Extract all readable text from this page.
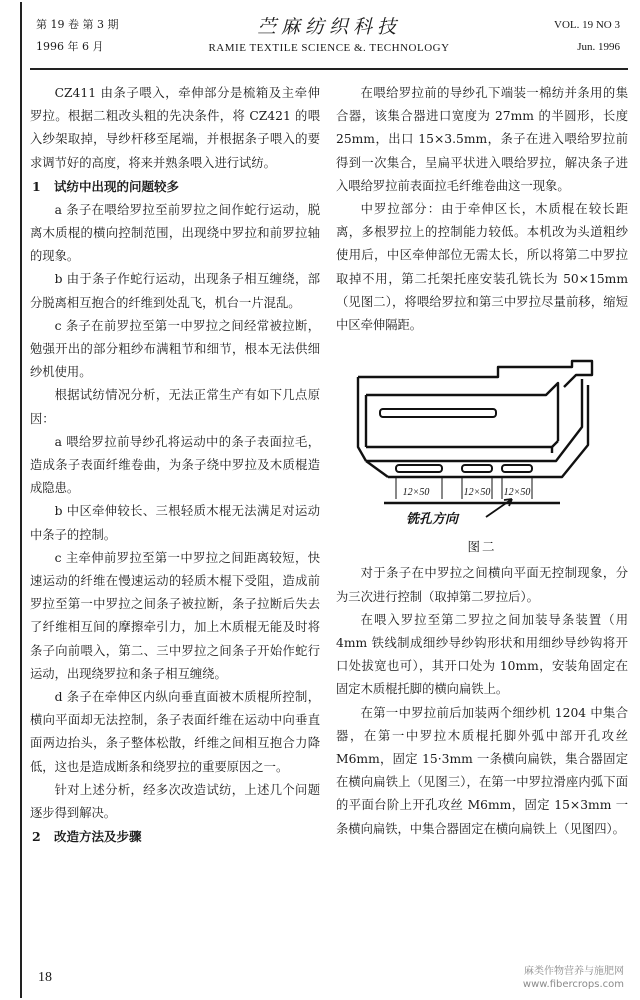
第 19 卷 第 3 期
1996 年 6 月
苎麻纺织科技
RAMIE TEXTILE SCIENCE &. TECHNOLOGY
VOL. 19 NO 3
Jun. 1996

CZ411 由条子喂入，牵伸部分是梳箱及主牵伸罗拉。根据二粗改头粗的先决条件，将 CZ421 的喂入纱架取掉，导纱杆移至尾端，并根据条子喂入的要求调节好的高度，将来并熟条喂入进行试纺。

1 试纺中出现的问题较多

a 条子在喂给罗拉至前罗拉之间作蛇行运动，脱离木质棍的横向控制范围，出现绕中罗拉和前罗拉轴的现象。

b 由于条子作蛇行运动，出现条子相互缠绕，部分脱离相互抱合的纤维到处乱飞，机台一片混乱。

c 条子在前罗拉至第一中罗拉之间经常被拉断，勉强开出的部分粗纱布满粗节和细节，根本无法供细纱机使用。

根据试纺情况分析，无法正常生产有如下几点原因：

a 喂给罗拉前导纱孔将运动中的条子表面拉毛，造成条子表面纤维卷曲，为条子绕中罗拉及木质棍造成隐患。

b 中区牵伸较长、三根轻质木棍无法满足对运动中条子的控制。

c 主牵伸前罗拉至第一中罗拉之间距离较短，快速运动的纤维在慢速运动的轻质木棍下受阻，造成前罗拉至第一中罗拉之间条子被拉断，条子拉断后失去了纤维相互间的摩擦牵引力，加上木质棍无能及时将条子向前喂入，第二、三中罗拉之间条子开始作蛇行运动，出现绕罗拉和条子相互缠绕。

d 条子在牵伸区内纵向垂直面被木质棍所控制，横向平面却无法控制，条子表面纤维在运动中向垂直面两边抬头，条子整体松散，纤维之间相互抱合力降低，这也是造成断条和绕罗拉的重要原因之一。

针对上述分析，经多次改造试纺，上述几个问题逐步得到解决。

2 改造方法及步骤

在喂给罗拉前的导纱孔下端装一棉纺并条用的集合器，该集合器进口宽度为 27mm 的半圆形，长度 25mm，出口 15×3.5mm，条子在进入喂给罗拉前得到一次集合，呈扁平状进入喂给罗拉，解决条子进入喂给罗拉前表面拉毛纤维卷曲这一现象。

中罗拉部分：由于牵伸区长，木质棍在较长距离，多根罗拉上的控制能力较低。本机改为头道粗纱使用后，中区牵伸部位无需太长，所以将第二中罗拉取掉不用，第二托架托座安装孔铣长为 50×15mm（见图二），将喂给罗拉和第三中罗拉尽量前移，缩短中区牵伸隔距。

12×50	12×50 12×50
铣孔方向
图二

对于条子在中罗拉之间横向平面无控制现象，分为三次进行控制（取掉第二罗拉后）。

在喂入罗拉至第二罗拉之间加装导条装置（用 4mm 铁线制成细纱导纱钩形状和用细纱导纱钩将开口处拔宽也可），其开口处为 10mm，安装角固定在固定木质棍托脚的横向扁铁上。

在第一中罗拉前后加装两个细纱机 1204 中集合器，在第一中罗拉木质棍托脚外弧中部开孔攻丝 M6mm，固定 15·3mm 一条横向扁铁，集合器固定在横向扁铁上（见图三），在第一中罗拉滑座内弧下面的平面台阶上开孔攻丝 M6mm，固定 15×3mm 一条横向扁铁，中集合器固定在横向扁铁上（见图四）。

18	麻类作物营养与施肥网
www.fibercrops.com
